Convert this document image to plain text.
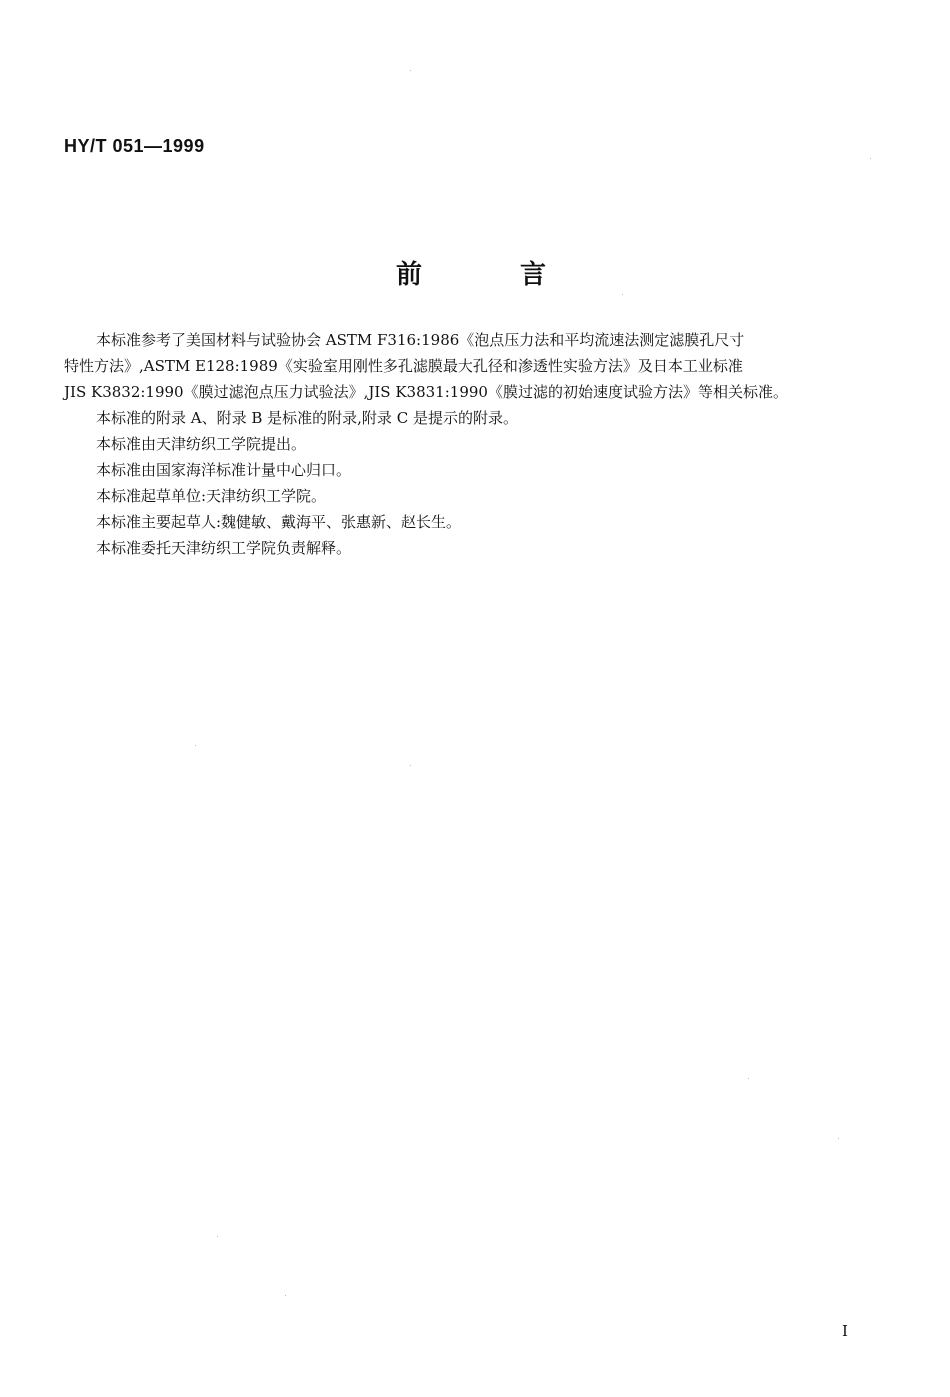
HY/T 051—1999
前	言
本标准参考了美国材料与试验协会 ASTM F316:1986《泡点压力法和平均流速法测定滤膜孔尺寸
特性方法》,ASTM E128:1989《实验室用刚性多孔滤膜最大孔径和渗透性实验方法》及日本工业标准
JIS K3832:1990《膜过滤泡点压力试验法》,JIS K3831:1990《膜过滤的初始速度试验方法》等相关标准。

本标准的附录 A、附录 B 是标准的附录,附录 C 是提示的附录。

本标准由天津纺织工学院提出。

本标准由国家海洋标准计量中心归口。

本标准起草单位:天津纺织工学院。

本标准主要起草人:魏健敏、戴海平、张惠新、赵长生。

本标准委托天津纺织工学院负责解释。

I
